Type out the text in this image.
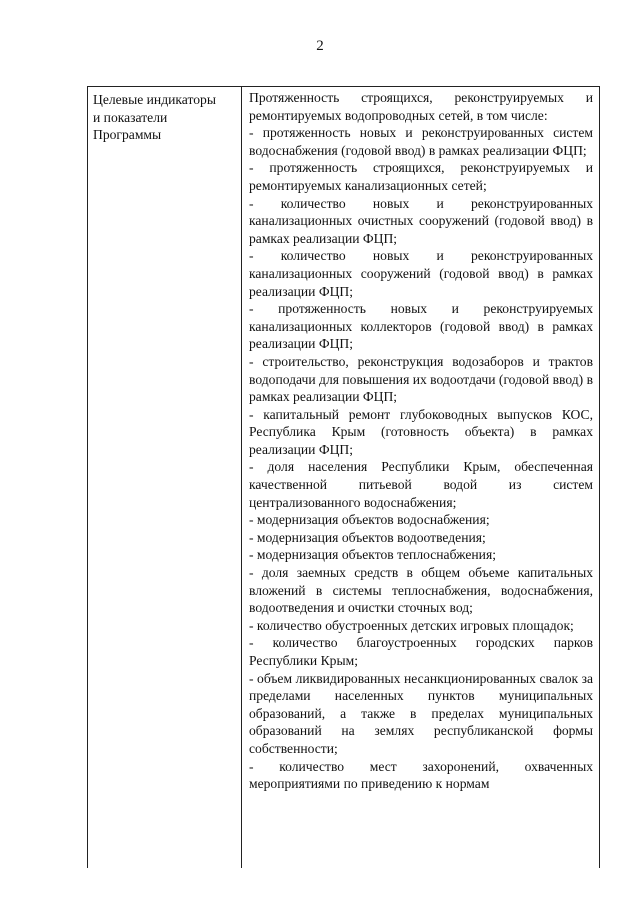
2
Целевые индикаторы
и показатели
Программы
Протяженность строящихся, реконструируемых и ремонтируемых водопроводных сетей, в том числе:
- протяженность новых и реконструированных систем водоснабжения (годовой ввод) в рамках реализации ФЦП;
- протяженность строящихся, реконструируемых и ремонтируемых канализационных сетей;
- количество новых и реконструированных канализационных очистных сооружений (годовой ввод) в рамках реализации ФЦП;
- количество новых и реконструированных канализационных сооружений (годовой ввод) в рамках реализации ФЦП;
- протяженность новых и реконструируемых канализационных коллекторов (годовой ввод) в рамках реализации ФЦП;
- строительство, реконструкция водозаборов и трактов водоподачи для повышения их водоотдачи (годовой ввод) в рамках реализации ФЦП;
- капитальный ремонт глубоководных выпусков КОС, Республика Крым (готовность объекта) в рамках реализации ФЦП;
- доля населения Республики Крым, обеспеченная качественной питьевой водой из систем централизованного водоснабжения;
- модернизация объектов водоснабжения;
- модернизация объектов водоотведения;
- модернизация объектов теплоснабжения;
- доля заемных средств в общем объеме капитальных вложений в системы теплоснабжения, водоснабжения, водоотведения и очистки сточных вод;
- количество обустроенных детских игровых площадок;
- количество благоустроенных городских парков Республики Крым;
- объем ликвидированных несанкционированных свалок за пределами населенных пунктов муниципальных образований, а также в пределах муниципальных образований на землях республиканской формы собственности;
- количество мест захоронений, охваченных мероприятиями по приведению к нормам
